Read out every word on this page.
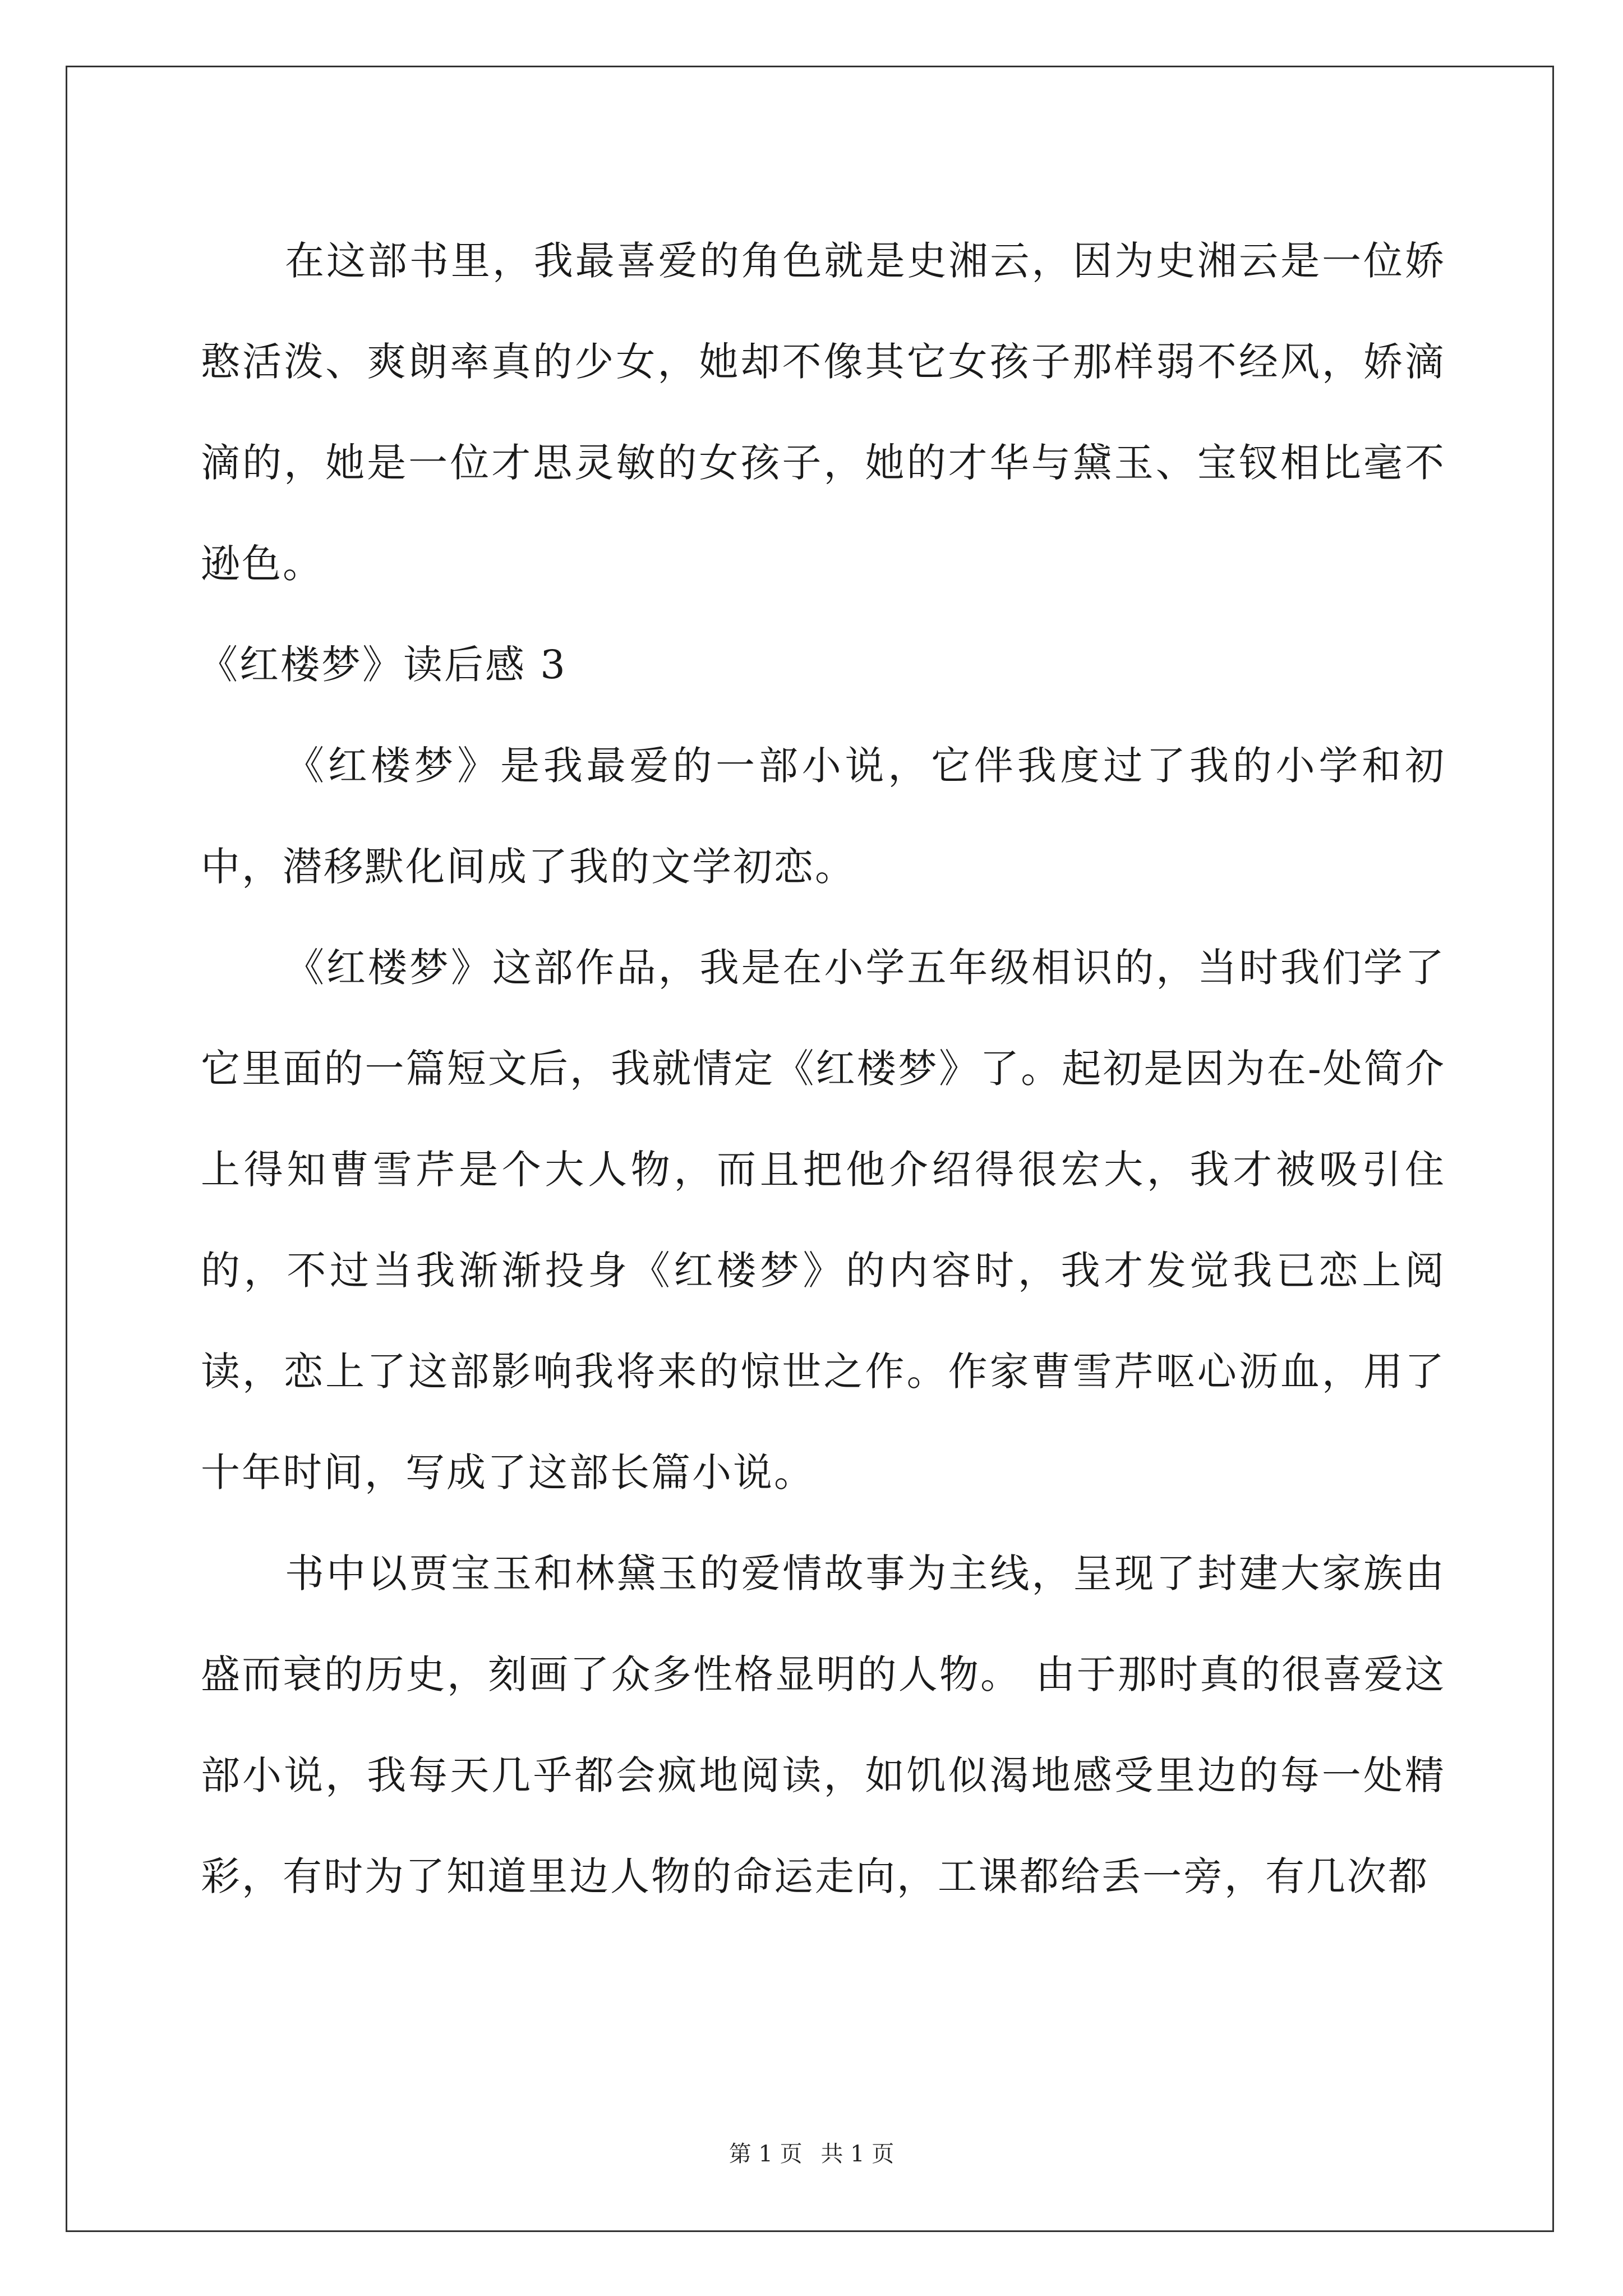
在这部书里，我最喜爱的角色就是史湘云，因为史湘云是一位娇憨活泼、爽朗率真的少女，她却不像其它女孩子那样弱不经风，娇滴滴的，她是一位才思灵敏的女孩子，她的才华与黛玉、宝钗相比毫不逊色。

《红楼梦》读后感 3

《红楼梦》是我最爱的一部小说，它伴我度过了我的小学和初中，潜移默化间成了我的文学初恋。

《红楼梦》这部作品，我是在小学五年级相识的，当时我们学了它里面的一篇短文后，我就情定《红楼梦》了。起初是因为在-处简介上得知曹雪芹是个大人物，而且把他介绍得很宏大，我才被吸引住的，不过当我渐渐投身《红楼梦》的内容时，我才发觉我已恋上阅读，恋上了这部影响我将来的惊世之作。作家曹雪芹呕心沥血，用了十年时间，写成了这部长篇小说。

书中以贾宝玉和林黛玉的爱情故事为主线，呈现了封建大家族由盛而衰的历史，刻画了众多性格显明的人物。 由于那时真的很喜爱这部小说，我每天几乎都会疯地阅读，如饥似渴地感受里边的每一处精彩，有时为了知道里边人物的命运走向，工课都给丢一旁，有几次都

第 1 页 共 1 页
